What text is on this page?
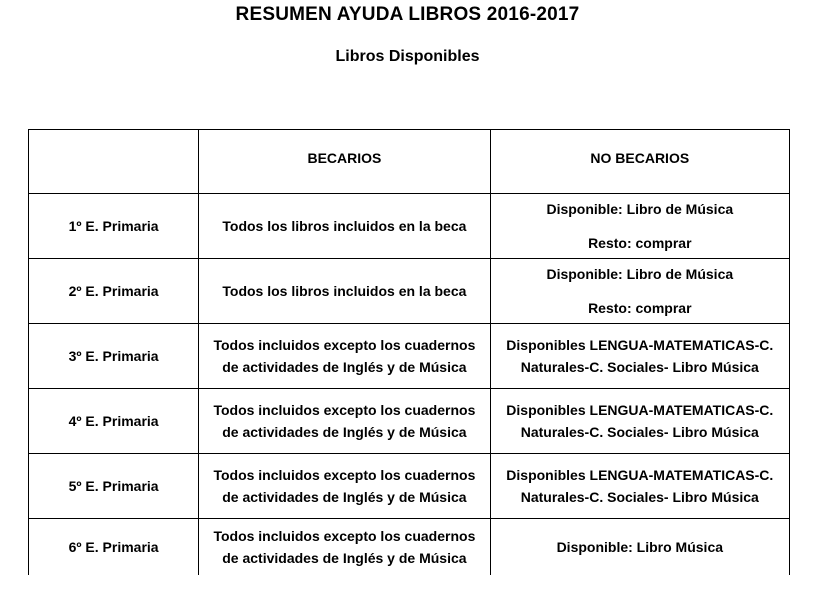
RESUMEN AYUDA LIBROS 2016-2017
Libros Disponibles
	BECARIOS	NO BECARIOS
1º E. Primaria	Todos los libros incluidos en la beca	Disponible: Libro de Música
Resto: comprar

2º E. Primaria	Todos los libros incluidos en la beca	Disponible: Libro de Música
Resto: comprar

3º E. Primaria	Todos incluidos excepto los cuadernos
de actividades de Inglés y de Música	Disponibles LENGUA-MATEMATICAS-C.
Naturales-C. Sociales- Libro Música

4º E. Primaria	Todos incluidos excepto los cuadernos
de actividades de Inglés y de Música	Disponibles LENGUA-MATEMATICAS-C.
Naturales-C. Sociales- Libro Música

5º E. Primaria	Todos incluidos excepto los cuadernos
de actividades de Inglés y de Música	Disponibles LENGUA-MATEMATICAS-C.
Naturales-C. Sociales- Libro Música

6º E. Primaria	Todos incluidos excepto los cuadernos
de actividades de Inglés y de Música	Disponible: Libro Música
